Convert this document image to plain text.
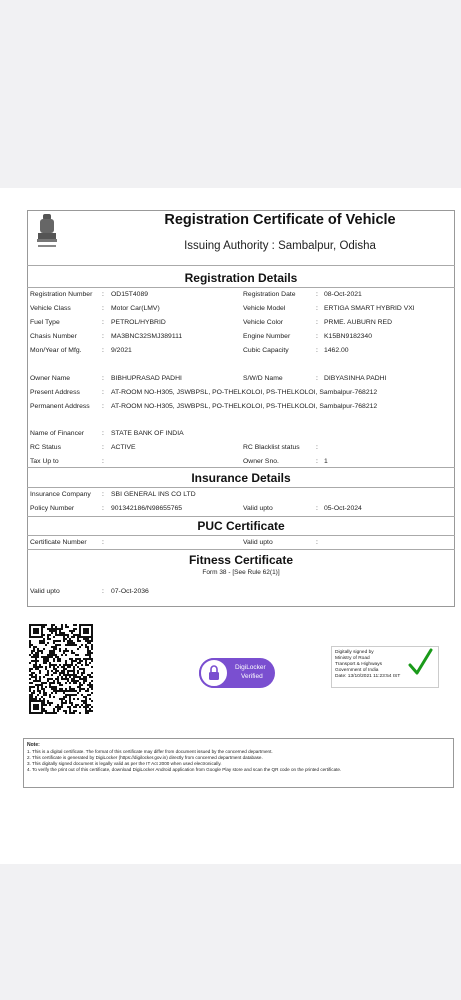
Registration Certificate of Vehicle
Issuing Authority : Sambalpur, Odisha
Registration Details
Registration Number : OD15T4089	Registration Date	: 08-Oct-2021
Vehicle Class	: Motor Car(LMV)	Vehicle Model	: ERTIGA SMART HYBRID VXI
Fuel Type	: PETROL/HYBRID	Vehicle Color	: PRME. AUBURN RED
Chasis Number	: MA3BNC32SMJ389111	Engine Number	: K15BN9182340
Mon/Year of Mfg.	: 9/2021	Cubic Capacity	: 1462.00
Owner Name	: BIBHUPRASAD PADHI	S/W/D Name	: DIBYASINHA PADHI
Present Address	: AT-ROOM NO-H305, JSWBPSL, PO-THELKOLOI, PS-THELKOLOI, Sambalpur-768212
Permanent Address : AT-ROOM NO-H305, JSWBPSL, PO-THELKOLOI, PS-THELKOLOI, Sambalpur-768212
Name of Financer	: STATE BANK OF INDIA
RC Status	: ACTIVE	RC Blacklist status :
Tax Up to	:	Owner Sno.	: 1
Insurance Details
Insurance Company : SBI GENERAL INS CO LTD
Policy Number	: 901342186/N98655765	Valid upto	: 05-Oct-2024
PUC Certificate
Certificate Number :	Valid upto	:
Fitness Certificate
Form 38 - [See Rule 62(1)]
Valid upto	: 07-Oct-2036
DigiLocker
Verified
Digitally signed by
Ministry of Road
Transport & Highways
Government of India
Date: 13/10/2021 11:23:54 IST
Note:
1. This is a digital certificate. The format of this certificate may differ from document issued by the concerned department.
2. This certificate is generated by DigiLocker (https://digilocker.gov.in) directly from concerned department database.
3. This digitally signed document is legally valid as per the IT Act 2000 when used electronically.
4. To verify the print out of this certificate, download DigiLocker Android application from Google Play store and scan the QR code on the printed certificate.
